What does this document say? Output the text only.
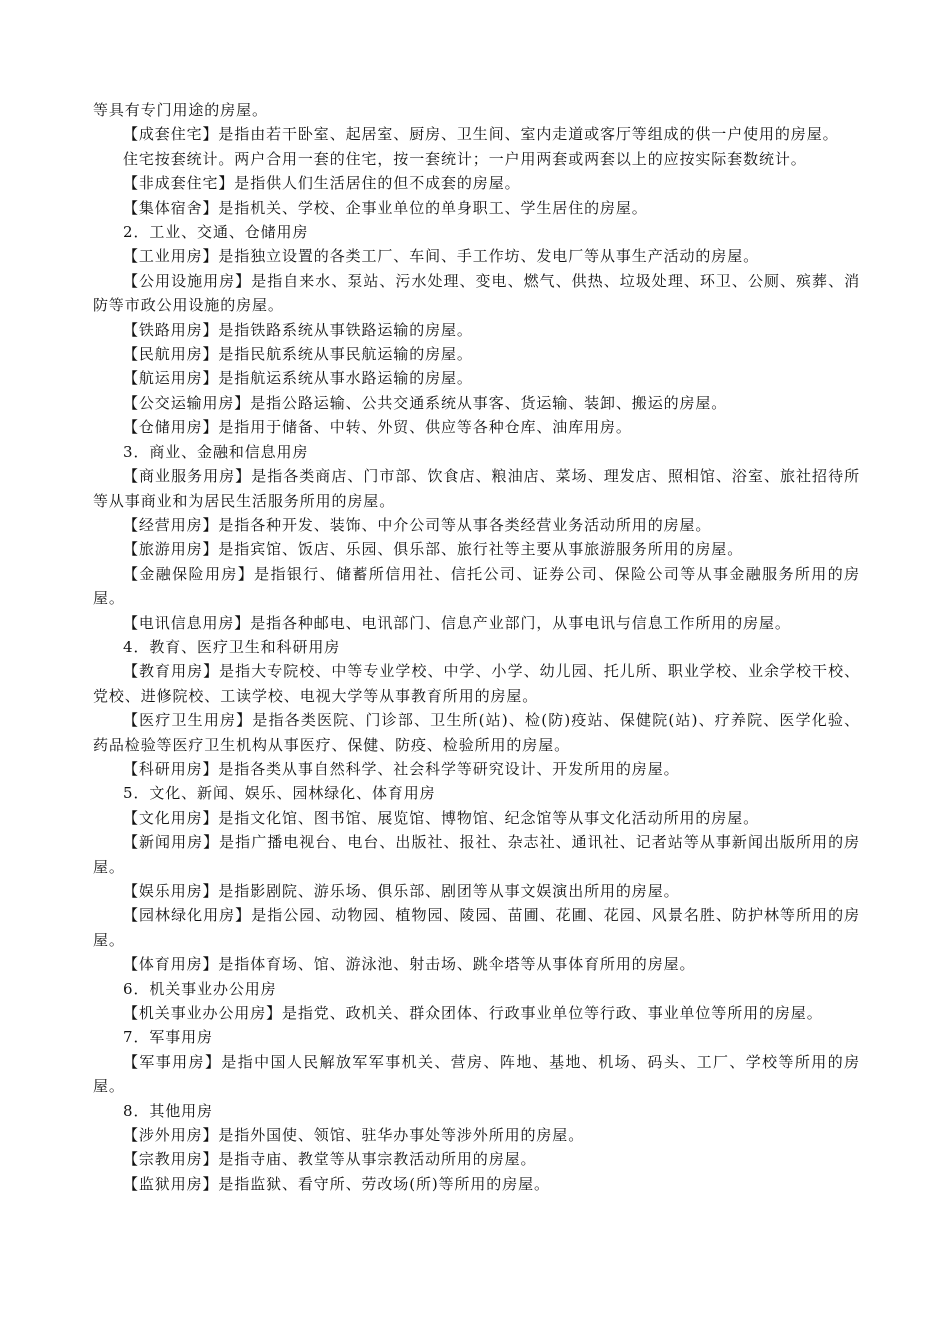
等具有专门用途的房屋。

【成套住宅】是指由若干卧室、起居室、厨房、卫生间、室内走道或客厅等组成的供一户使用的房屋。

住宅按套统计。两户合用一套的住宅，按一套统计；一户用两套或两套以上的应按实际套数统计。

【非成套住宅】是指供人们生活居住的但不成套的房屋。

【集体宿舍】是指机关、学校、企事业单位的单身职工、学生居住的房屋。

2．工业、交通、仓储用房

【工业用房】是指独立设置的各类工厂、车间、手工作坊、发电厂等从事生产活动的房屋。

【公用设施用房】是指自来水、泵站、污水处理、变电、燃气、供热、垃圾处理、环卫、公厕、殡葬、消防等市政公用设施的房屋。

【铁路用房】是指铁路系统从事铁路运输的房屋。

【民航用房】是指民航系统从事民航运输的房屋。

【航运用房】是指航运系统从事水路运输的房屋。

【公交运输用房】是指公路运输、公共交通系统从事客、货运输、装卸、搬运的房屋。

【仓储用房】是指用于储备、中转、外贸、供应等各种仓库、油库用房。

3．商业、金融和信息用房

【商业服务用房】是指各类商店、门市部、饮食店、粮油店、菜场、理发店、照相馆、浴室、旅社招待所等从事商业和为居民生活服务所用的房屋。

【经营用房】是指各种开发、装饰、中介公司等从事各类经营业务活动所用的房屋。

【旅游用房】是指宾馆、饭店、乐园、俱乐部、旅行社等主要从事旅游服务所用的房屋。

【金融保险用房】是指银行、储蓄所信用社、信托公司、证券公司、保险公司等从事金融服务所用的房屋。

【电讯信息用房】是指各种邮电、电讯部门、信息产业部门，从事电讯与信息工作所用的房屋。

4．教育、医疗卫生和科研用房

【教育用房】是指大专院校、中等专业学校、中学、小学、幼儿园、托儿所、职业学校、业余学校干校、党校、进修院校、工读学校、电视大学等从事教育所用的房屋。

【医疗卫生用房】是指各类医院、门诊部、卫生所(站)、检(防)疫站、保健院(站)、疗养院、医学化验、药品检验等医疗卫生机构从事医疗、保健、防疫、检验所用的房屋。

【科研用房】是指各类从事自然科学、社会科学等研究设计、开发所用的房屋。

5．文化、新闻、娱乐、园林绿化、体育用房

【文化用房】是指文化馆、图书馆、展览馆、博物馆、纪念馆等从事文化活动所用的房屋。

【新闻用房】是指广播电视台、电台、出版社、报社、杂志社、通讯社、记者站等从事新闻出版所用的房屋。

【娱乐用房】是指影剧院、游乐场、俱乐部、剧团等从事文娱演出所用的房屋。

【园林绿化用房】是指公园、动物园、植物园、陵园、苗圃、花圃、花园、风景名胜、防护林等所用的房屋。

【体育用房】是指体育场、馆、游泳池、射击场、跳伞塔等从事体育所用的房屋。

6．机关事业办公用房

【机关事业办公用房】是指党、政机关、群众团体、行政事业单位等行政、事业单位等所用的房屋。

7．军事用房

【军事用房】是指中国人民解放军军事机关、营房、阵地、基地、机场、码头、工厂、学校等所用的房屋。

8．其他用房

【涉外用房】是指外国使、领馆、驻华办事处等涉外所用的房屋。

【宗教用房】是指寺庙、教堂等从事宗教活动所用的房屋。

【监狱用房】是指监狱、看守所、劳改场(所)等所用的房屋。
